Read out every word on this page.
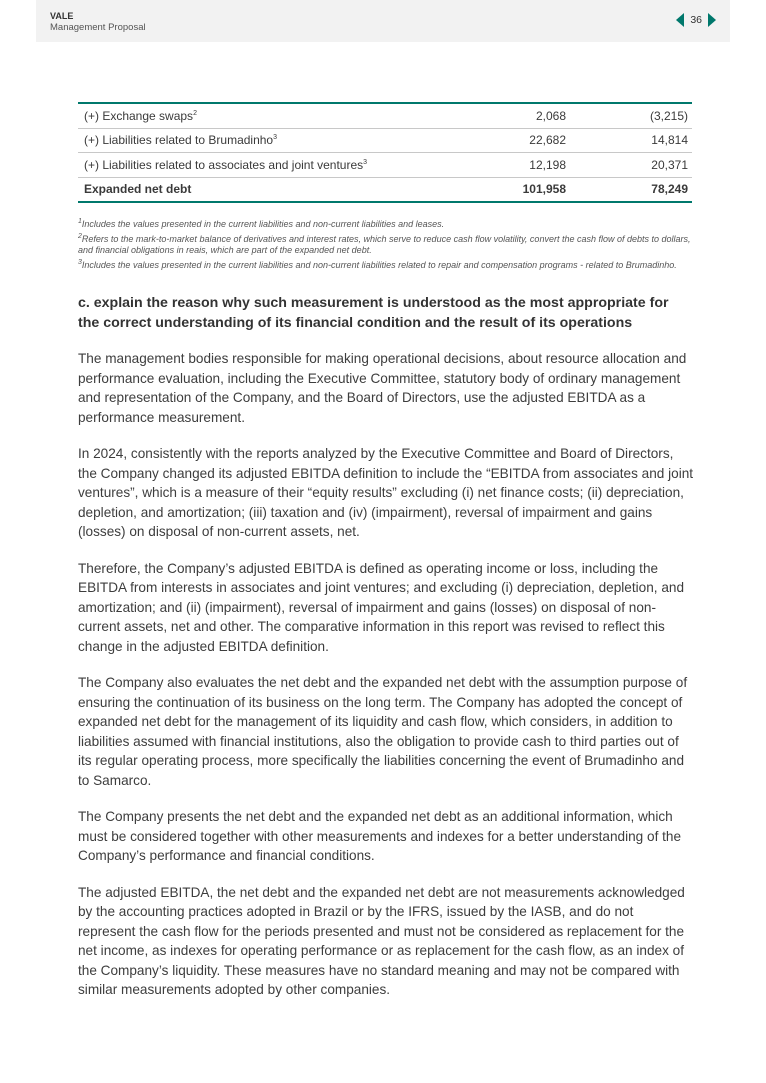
VALE
Management Proposal
36
(+) Exchange swaps$^2$	2,068	(3,215)
(+) Liabilities related to Brumadinho$^3$	22,682	14,814
(+) Liabilities related to associates and joint ventures$^3$	12,198	20,371
Expanded net debt	101,958	78,249
$^1$Includes the values presented in the current liabilities and non-current liabilities and leases.
$^2$Refers to the mark-to-market balance of derivatives and interest rates, which serve to reduce cash flow volatility, convert the cash flow of debts to dollars, and financial obligations in reais, which are part of the expanded net debt.
$^3$Includes the values presented in the current liabilities and non-current liabilities related to repair and compensation programs - related to Brumadinho.
c. explain the reason why such measurement is understood as the most appropriate for the correct understanding of its financial condition and the result of its operations

The management bodies responsible for making operational decisions, about resource allocation and performance evaluation, including the Executive Committee, statutory body of ordinary management and representation of the Company, and the Board of Directors, use the adjusted EBITDA as a performance measurement.

In 2024, consistently with the reports analyzed by the Executive Committee and Board of Directors, the Company changed its adjusted EBITDA definition to include the “EBITDA from associates and joint ventures”, which is a measure of their “equity results” excluding (i) net finance costs; (ii) depreciation, depletion, and amortization; (iii) taxation and (iv) (impairment), reversal of impairment and gains (losses) on disposal of non-current assets, net.

Therefore, the Company’s adjusted EBITDA is defined as operating income or loss, including the EBITDA from interests in associates and joint ventures; and excluding (i) depreciation, depletion, and amortization; and (ii) (impairment), reversal of impairment and gains (losses) on disposal of non-current assets, net and other. The comparative information in this report was revised to reflect this change in the adjusted EBITDA definition.

The Company also evaluates the net debt and the expanded net debt with the assumption purpose of ensuring the continuation of its business on the long term. The Company has adopted the concept of expanded net debt for the management of its liquidity and cash flow, which considers, in addition to liabilities assumed with financial institutions, also the obligation to provide cash to third parties out of its regular operating process, more specifically the liabilities concerning the event of Brumadinho and to Samarco.

The Company presents the net debt and the expanded net debt as an additional information, which must be considered together with other measurements and indexes for a better understanding of the Company’s performance and financial conditions.

The adjusted EBITDA, the net debt and the expanded net debt are not measurements acknowledged by the accounting practices adopted in Brazil or by the IFRS, issued by the IASB, and do not represent the cash flow for the periods presented and must not be considered as replacement for the net income, as indexes for operating performance or as replacement for the cash flow, as an index of the Company’s liquidity. These measures have no standard meaning and may not be compared with similar measurements adopted by other companies.
